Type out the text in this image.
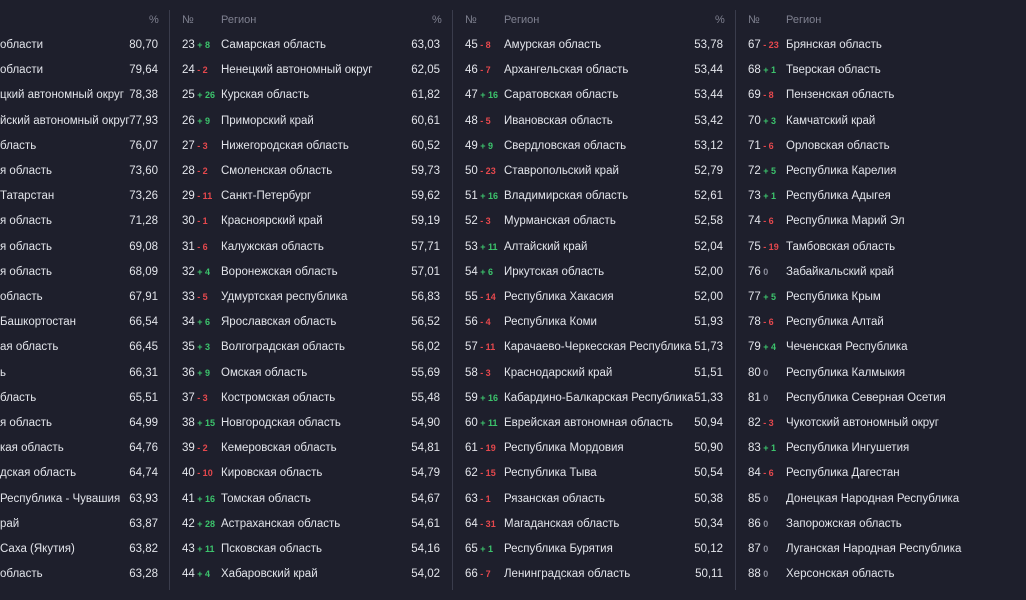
%
области	80,70
области	79,64
цкий автономный округ 78,38
йский автономный округ 77,93
бласть	76,07
я область	73,60
Татарстан	73,26
я область	71,28
я область	69,08
я область	68,09
область	67,91
Башкортостан	66,54
ая область	66,45
ь	66,31
бласть	65,51
я область	64,99
кая область	64,76
дская область	64,74
Республика - Чувашия 63,93
рай	63,87
Саха (Якутия)	63,82
область	63,28
№ Регион	%
23 + 8 Самарская область	63,03
24 - 2 Ненецкий автономный округ	62,05
25 + 26 Курская область	61,82
26 + 9 Приморский край	60,61
27 - 3 Нижегородская область	60,52
28 - 2 Смоленская область	59,73
29 - 11 Санкт-Петербург	59,62
30 - 1 Красноярский край	59,19
31 - 6 Калужская область	57,71
32 + 4 Воронежская область	57,01
33 - 5 Удмуртская республика	56,83
34 + 6 Ярославская область	56,52
35 + 3 Волгоградская область	56,02
36 + 9 Омская область	55,69
37 - 3 Костромская область	55,48
38 + 15 Новгородская область	54,90
39 - 2 Кемеровская область	54,81
40 - 10 Кировская область	54,79
41 + 16 Томская область	54,67
42 + 28 Астраханская область	54,61
43 + 11 Псковская область	54,16
44 + 4 Хабаровский край	54,02
№ Регион	%
45 - 8 Амурская область	53,78
46 - 7 Архангельская область	53,44
47 + 16 Саратовская область	53,44
48 - 5 Ивановская область	53,42
49 + 9 Свердловская область	53,12
50 - 23 Ставропольский край	52,79
51 + 16 Владимирская область	52,61
52 - 3 Мурманская область	52,58
53 + 11 Алтайский край	52,04
54 + 6 Иркутская область	52,00
55 - 14 Республика Хакасия	52,00
56 - 4 Республика Коми	51,93
57 - 11 Карачаево-Черкесская Республика 51,73
58 - 3 Краснодарский край	51,51
59 + 16 Кабардино-Балкарская Республика 51,33
60 + 11 Еврейская автономная область	50,94
61 - 19 Республика Мордовия	50,90
62 - 15 Республика Тыва	50,54
63 - 1 Рязанская область	50,38
64 - 31 Магаданская область	50,34
65 + 1 Республика Бурятия	50,12
66 - 7 Ленинградская область	50,11
№ Регион
67 - 23 Брянская область
68 + 1 Тверская область
69 - 8 Пензенская область
70 + 3 Камчатский край
71 - 6 Орловская область
72 + 5 Республика Карелия
73 + 1 Республика Адыгея
74 - 6 Республика Марий Эл
75 - 19 Тамбовская область
76 0 Забайкальский край
77 + 5 Республика Крым
78 - 6 Республика Алтай
79 + 4 Чеченская Республика
80 0 Республика Калмыкия
81 0 Республика Северная Осетия
82 - 3 Чукотский автономный округ
83 + 1 Республика Ингушетия
84 - 6 Республика Дагестан
85 0 Донецкая Народная Республика
86 0 Запорожская область
87 0 Луганская Народная Республика
88 0 Херсонская область
